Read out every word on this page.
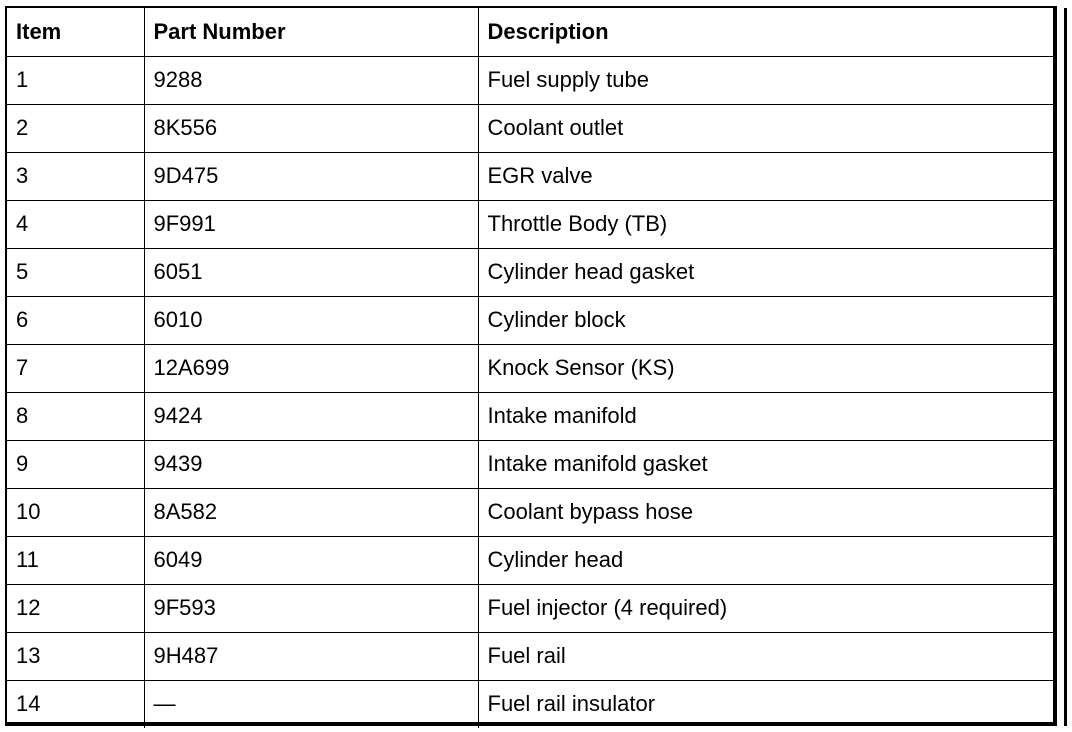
Item	Part Number	Description
1	9288	Fuel supply tube
2	8K556	Coolant outlet
3	9D475	EGR valve
4	9F991	Throttle Body (TB)
5	6051	Cylinder head gasket
6	6010	Cylinder block
7	12A699	Knock Sensor (KS)
8	9424	Intake manifold
9	9439	Intake manifold gasket
10	8A582	Coolant bypass hose
11	6049	Cylinder head
12	9F593	Fuel injector (4 required)
13	9H487	Fuel rail
14	—	Fuel rail insulator
